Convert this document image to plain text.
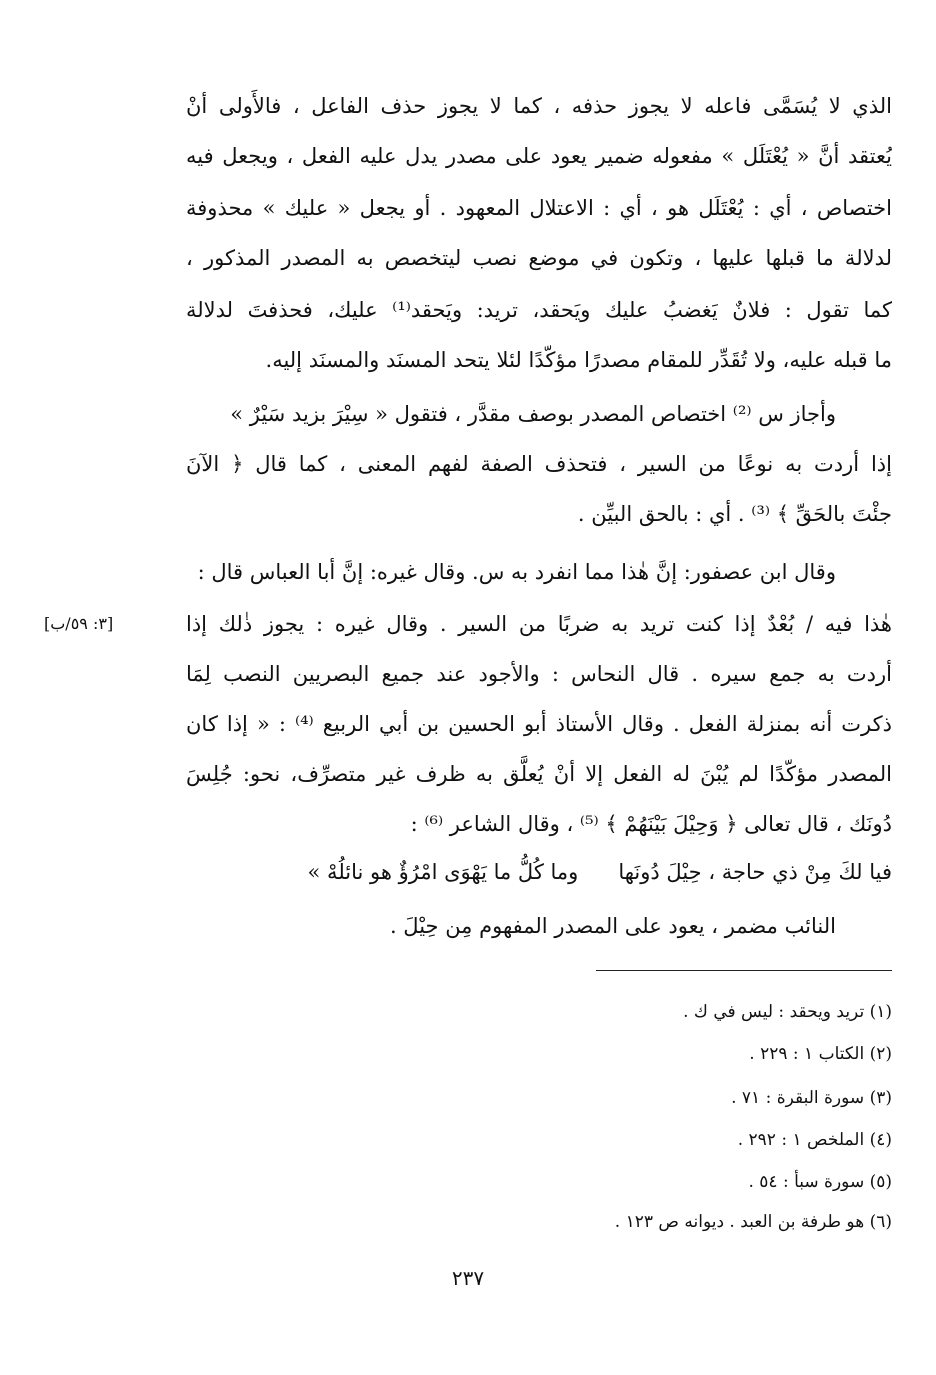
الذي لا يُسَمَّى فاعله لا يجوز حذفه ، كما لا يجوز حذف الفاعل ، فالأَولى أنْ
يُعتقد أنَّ « يُعْتَلَل » مفعوله ضمير يعود على مصدر يدل عليه الفعل ، ويجعل فيه
اختصاص ، أي : يُعْتَلَل هو ، أي : الاعتلال المعهود . أو يجعل « عليك » محذوفة
لدلالة ما قبلها عليها ، وتكون في موضع نصب ليتخصص به المصدر المذكور ،
كما تقول : فلانٌ يَغضبُ عليك ويَحقد، تريد: ويَحقد⁽¹⁾ عليك، فحذفتَ لدلالة
ما قبله عليه، ولا تُقَدِّر للمقام مصدرًا مؤكّدًا لئلا يتحد المسنَد والمسنَد إليه.
وأجاز س ⁽²⁾ اختصاص المصدر بوصف مقدَّر ، فتقول « سِيْرَ بزيد سَيْرٌ »
إذا أردت به نوعًا من السير ، فتحذف الصفة لفهم المعنى ، كما قال ﴿ الآنَ
جئْتَ بالحَقِّ ﴾ ⁽³⁾ . أي : بالحق البيِّن .
وقال ابن عصفور: إنَّ هٰذا مما انفرد به س. وقال غيره: إنَّ أبا العباس قال :
هٰذا فيه / بُعْدٌ إذا كنت تريد به ضربًا من السير . وقال غيره : يجوز ذٰلك إذا
أردت به جمع سيره . قال النحاس : والأجود عند جميع البصريين النصب لِمَا
ذكرت أنه بمنزلة الفعل . وقال الأستاذ أبو الحسين بن أبي الربيع ⁽⁴⁾ : « إذا كان
المصدر مؤكّدًا لم يُبْنَ له الفعل إلا أنْ يُعلَّق به ظرف غير متصرِّف، نحو: جُلِسَ
دُونَك ، قال تعالى ﴿ وَحِيْلَ بَيْنَهُمْ ﴾ ⁽⁵⁾ ، وقال الشاعر ⁽⁶⁾ :
فيا لكَ مِنْ ذي حاجة ، حِيْلَ دُونَها      وما كُلُّ ما يَهْوَى امْرُؤٌ هو نائلُهْ »
النائب مضمر ، يعود على المصدر المفهوم مِن حِيْلَ .
[٣: ٥٩/ب]
(١) تريد ويحقد : ليس في ك .
(٢) الكتاب ١ : ٢٢٩ .
(٣) سورة البقرة : ٧١ .
(٤) الملخص ١ : ٢٩٢ .
(٥) سورة سبأ : ٥٤ .
(٦) هو طرفة بن العبد . ديوانه ص ١٢٣ .
٢٣٧
